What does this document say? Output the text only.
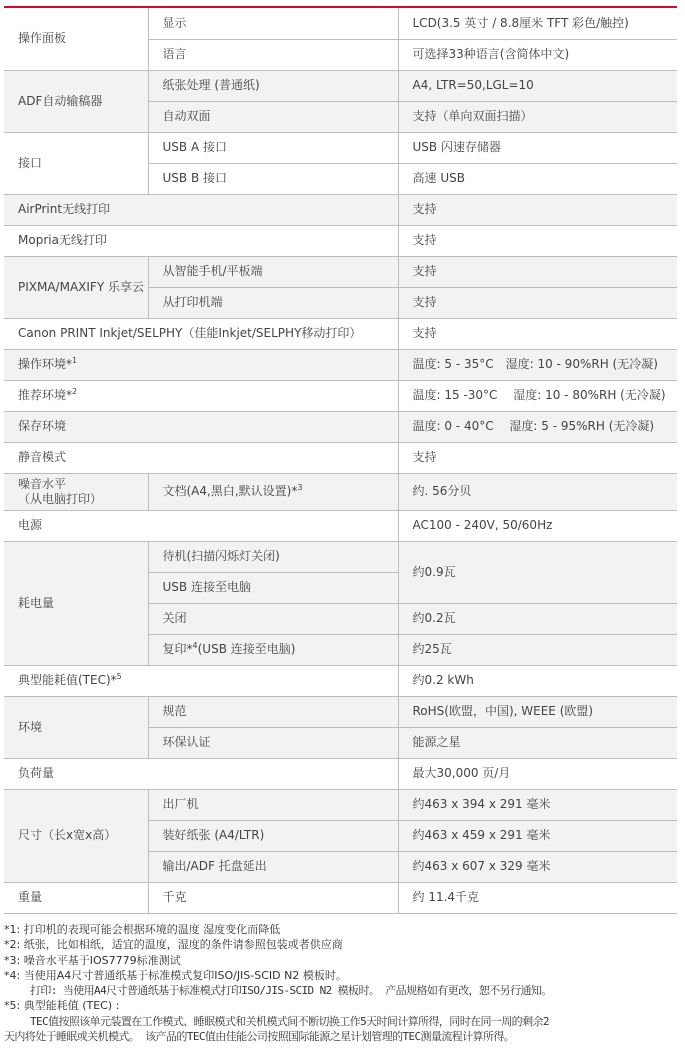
操作面板	显示	LCD(3.5 英寸 / 8.8厘米 TFT 彩色/触控)
	语言	可选择33种语言(含简体中文)
ADF自动输稿器	纸张处理 (普通纸)	A4, LTR=50,LGL=10
	自动双面	支持（单向双面扫描）
接口	USB A 接口	USB 闪速存储器
	USB B 接口	高速 USB
AirPrint无线打印		支持
Mopria无线打印		支持
PIXMA/MAXIFY 乐享云	从智能手机/平板端	支持
	从打印机端	支持
Canon PRINT Inkjet/SELPHY（佳能Inkjet/SELPHY移动打印）		支持
操作环境*$^1$		温度: 5 - 35°C　湿度: 10 - 90%RH (无冷凝)
推荐环境*$^2$		温度: 15 -30°C　 湿度: 10 - 80%RH (无冷凝)
保存环境		温度: 0 - 40°C　 湿度: 5 - 95%RH (无冷凝)
静音模式		支持

噪音水平
（从电脑打印）	文档(A4,黑白,默认设置)*$^3$	约. 56分贝
电源		AC100 - 240V, 50/60Hz
耗电量	待机(扫描闪烁灯关闭)	约0.9瓦
	USB 连接至电脑	
	关闭	约0.2瓦
	复印*$^4$(USB 连接至电脑)	约25瓦
典型能耗值(TEC)*$^5$		约0.2 kWh
环境	规范	RoHS(欧盟，中国), WEEE (欧盟)
	环保认证	能源之星
负荷量		最大30,000 页/月
尺寸（长x宽x高）	出厂机	约463 x 394 x 291 毫米
	装好纸张 (A4/LTR)	约463 x 459 x 291 毫米
	输出/ADF 托盘延出	约463 x 607 x 329 毫米
重量	千克	约 11.4千克
*1: 打印机的表现可能会根据环境的温度 湿度变化而降低
*2: 纸张，比如相纸，适宜的温度，湿度的条件请参照包装或者供应商
*3: 噪音水平基于IOS7779标准测试
*4: 当使用A4尺寸普通纸基于标准模式复印ISO/JIS-SCID N2 模板时。
打印: 当使用A4尺寸普通纸基于标准模式打印ISO/JIS-SCID N2 模板时。 产品规格如有更改，恕不另行通知。
*5: 典型能耗值 (TEC) :
TEC值按照该单元装置在工作模式、睡眠模式和关机模式间不断切换工作5天时间计算所得，同时在同一周的剩余2
天内将处于睡眠或关机模式。 该产品的TEC值由佳能公司按照国际能源之星计划管理的TEC测量流程计算所得。
